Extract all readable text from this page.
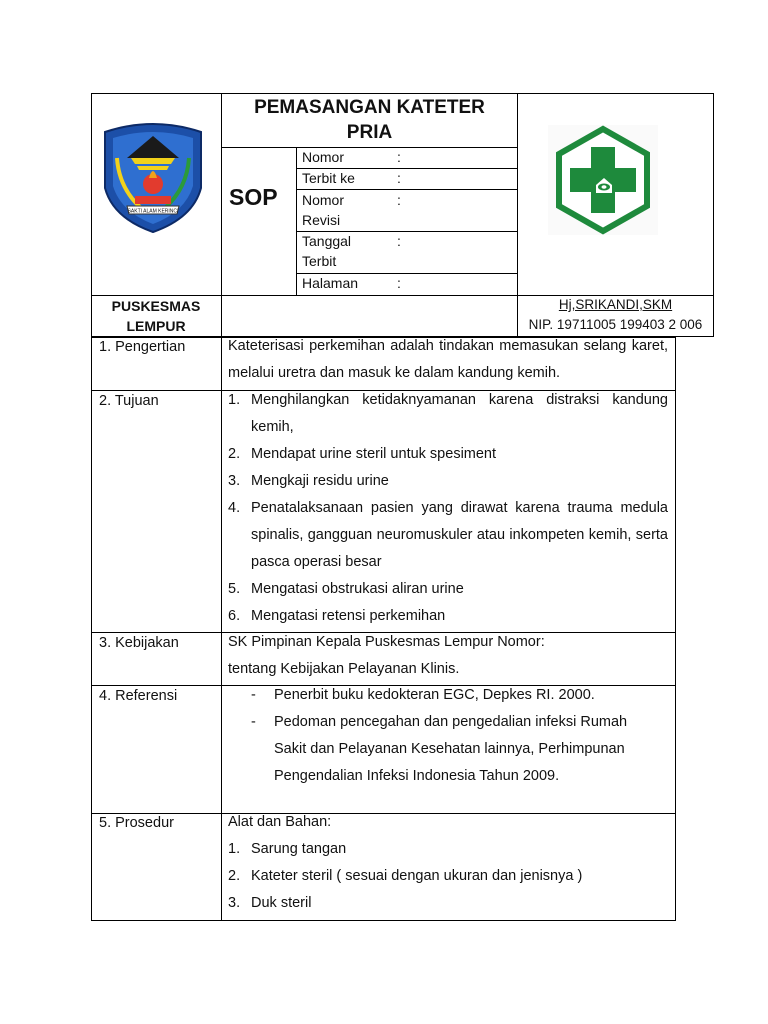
SAKTI ALAM KERINCI
PEMASANGAN KATETER
PRIA
SOP
Nomor	:
Terbit ke	:
Nomor
Revisi
:
Tanggal
Terbit
:
Halaman	:
PUSKESMAS
LEMPUR
Hj,SRIKANDI,SKM
NIP. 19711005 199403 2 006
1. Pengertian	Kateterisasi perkemihan adalah tindakan memasukan selang karet, melalui uretra dan masuk ke dalam kandung kemih.
2. Tujuan	1. Menghilangkan ketidaknyamanan karena distraksi kandung kemih,
2. Mendapat urine steril untuk spesiment
3. Mengkaji residu urine
4. Penatalaksanaan pasien yang dirawat karena trauma medula spinalis, gangguan neuromuskuler atau inkompeten kemih, serta pasca operasi besar
5. Mengatasi obstrukasi aliran urine
6. Mengatasi retensi perkemihan
3. Kebijakan	SK Pimpinan Kepala Puskesmas Lempur Nomor:
tentang Kebijakan Pelayanan Klinis.
4. Referensi	- Penerbit buku kedokteran EGC, Depkes RI. 2000.
- Pedoman pencegahan dan pengedalian infeksi Rumah Sakit dan Pelayanan Kesehatan lainnya, Perhimpunan Pengendalian Infeksi Indonesia Tahun 2009.
5. Prosedur	Alat dan Bahan:
1. Sarung tangan
2. Kateter steril ( sesuai dengan ukuran dan jenisnya )
3. Duk steril
